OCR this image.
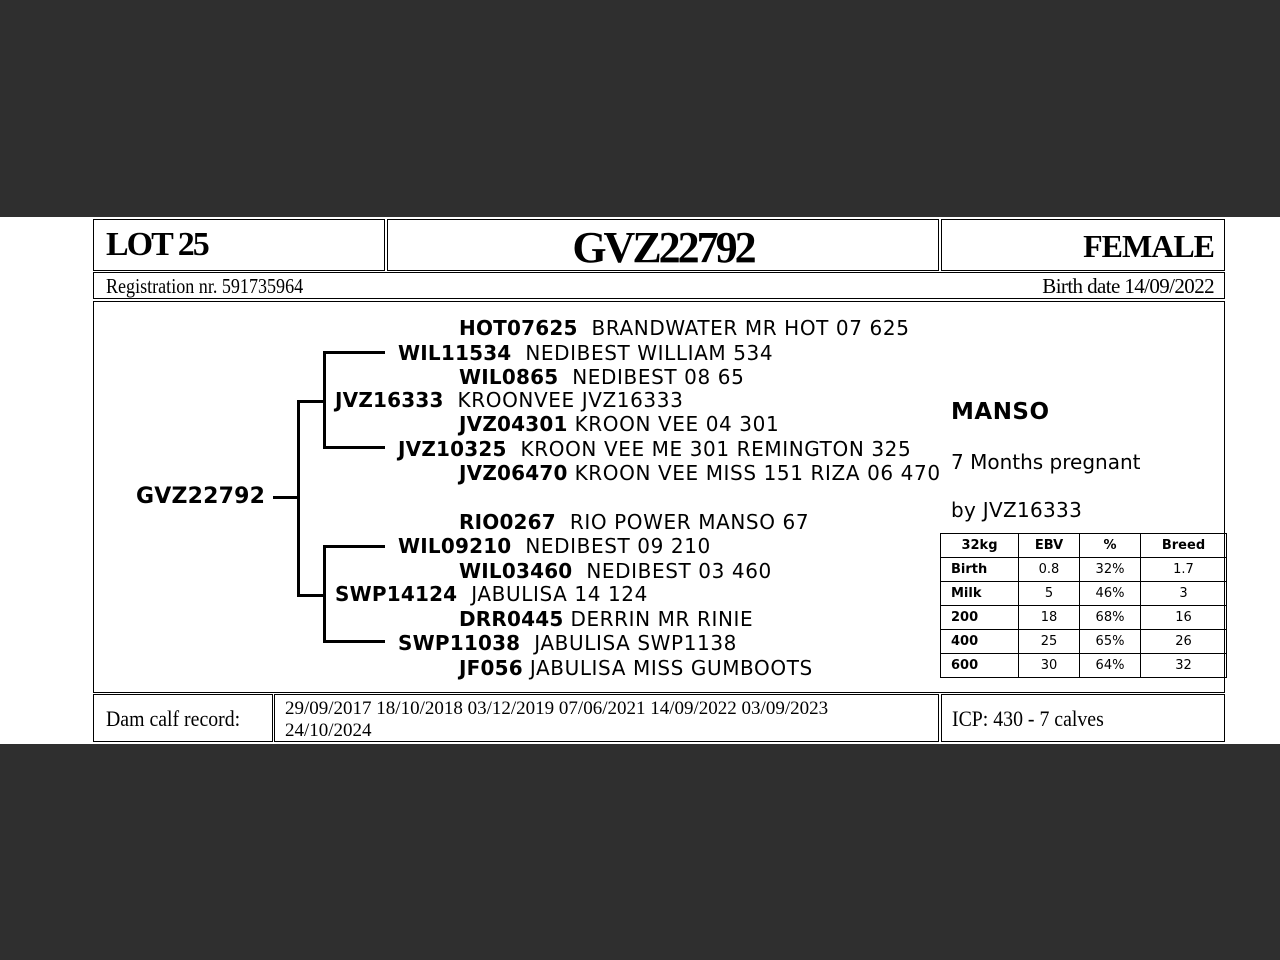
LOT 25	GVZ22792	FEMALE
Registration nr. 591735964	Birth date 14/09/2022
GVZ22792
HOT07625 BRANDWATER MR HOT 07 625
WIL11534 NEDIBEST WILLIAM 534
WIL0865 NEDIBEST 08 65
JVZ16333 KROONVEE JVZ16333
JVZ04301 KROON VEE 04 301
JVZ10325 KROON VEE ME 301 REMINGTON 325
JVZ06470 KROON VEE MISS 151 RIZA 06 470
RIO0267 RIO POWER MANSO 67
WIL09210 NEDIBEST 09 210
WIL03460 NEDIBEST 03 460
SWP14124 JABULISA 14 124
DRR0445 DERRIN MR RINIE
SWP11038 JABULISA SWP1138
JF056 JABULISA MISS GUMBOOTS
MANSO
7 Months pregnant
by JVZ16333
32kg	EBV	%	Breed
Birth	0.8	32%	1.7
Milk	5	46%	3
200	18	68%	16
400	25	65%	26
600	30	64%	32
Dam calf record: 29/09/2017 18/10/2018 03/12/2019 07/06/2021 14/09/2022 03/09/2023 24/10/2024	ICP: 430 - 7 calves
